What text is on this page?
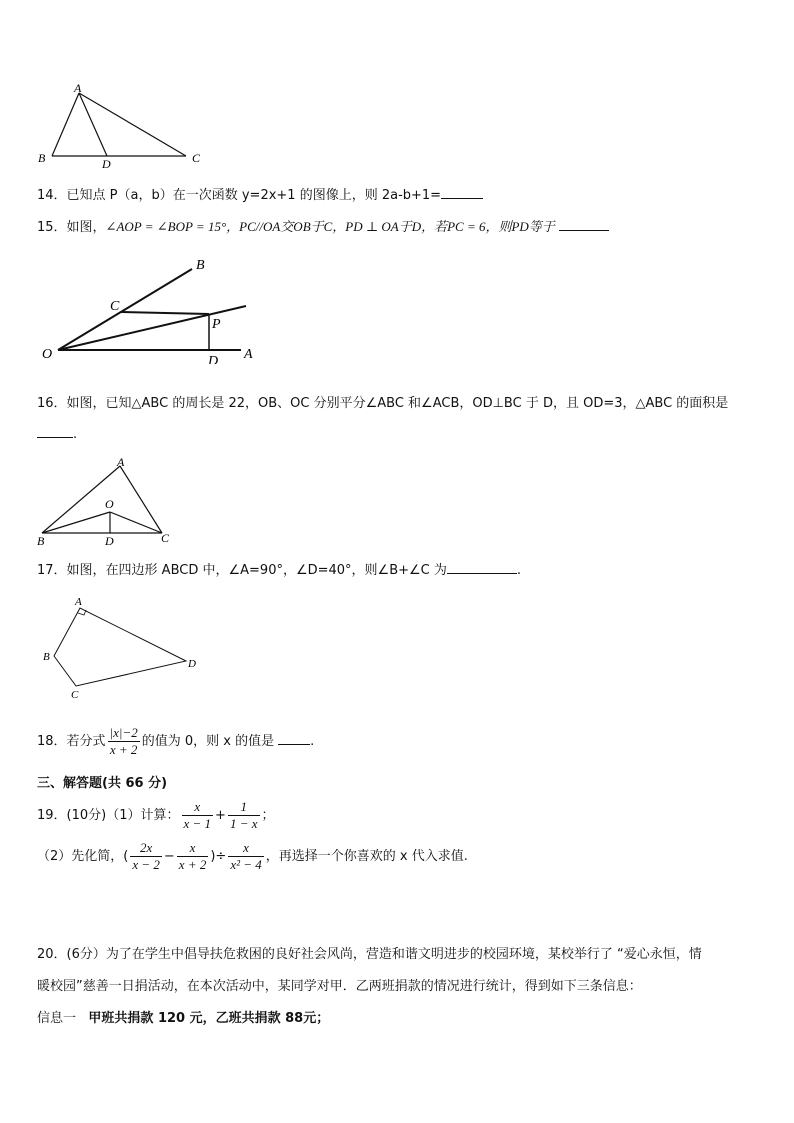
A
B	D	C
14．已知点 P（a，b）在一次函数 y=2x+1 的图像上，则 2a-b+1=
15．如图，∠AOP = ∠BOP = 15°，PC//OA交OB于C，PD ⊥ OA于D，若PC = 6，则PD等于
B
C
P
O	D A
16．如图，已知△ABC 的周长是 22，OB、OC 分别平分∠ABC 和∠ACB，OD⊥BC 于 D，且 OD=3，△ABC 的面积是
.
A
O
B	D	C
17．如图，在四边形 ABCD 中，∠A=90°，∠D=40°，则∠B+∠C 为	.
A
B
C
D
18．若分式 $\frac{|x|-2}{x + 2}$ 的值为 0，则 x 的值是	.
三、解答题(共 66 分)
19．(10分)（1）计算： $\frac{x}{x - 1} + \frac{1}{1 - x}$ ；
（2）先化简，( $\frac{2x}{x - 2} - \frac{x}{x + 2}$ )÷ $\frac{x}{\text{x² − 4}}$ ，再选择一个你喜欢的 x 代入求值.
20．(6分）为了在学生中倡导扶危救困的良好社会风尚，营造和谐文明进步的校园环境，某校举行了 “爱心永恒，情
暖校园”慈善一日捐活动，在本次活动中，某同学对甲．乙两班捐款的情况进行统计，得到如下三条信息：
信息一 甲班共捐款 120 元，乙班共捐款 88元；
